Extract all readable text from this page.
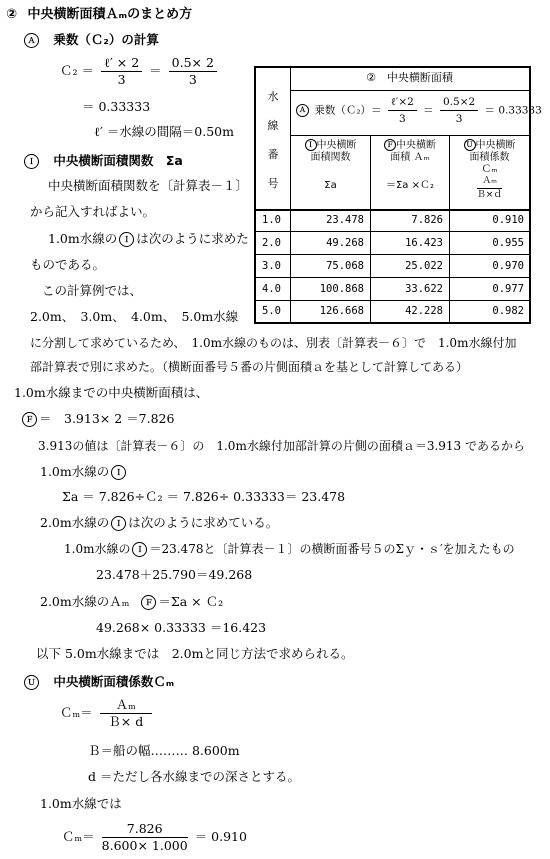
② 中央横断面積Ａₘのまとめ方
Ａ 乗数（Ｃ₂）の計算
Ｃ₂ ＝ $\frac{\text{ℓ′ × 2}}{3} = \frac{0.5\times 2}{3}$
＝ 0.33333
ℓ′ ＝水線の間隔＝0.50m
Ｉ 中央横断面積関数　Σa
中央横断面積関数を〔計算表－１〕
から記入すればよい。
1.0m水線の Ｉ は次のように求めた
ものである。
この計算例では、
2.0m、　3.0m、　4.0m、　5.0m水線
に分割して求めているため、　1.0m水線のものは、別表〔計算表－６〕で　1.0m水線付加
部計算表で別に求めた。（横断面番号５番の片側面積ａを基として計算してある）
1.0m水線までの中央横断面積は、
Ｆ ＝　3.913× 2 ＝7.826
3.913の値は〔計算表－６〕の　1.0m水線付加部計算の片側の面積ａ＝3.913 であるから
1.0m水線の Ｉ
Σa ＝ 7.826÷Ｃ₂ ＝ 7.826÷ 0.33333＝ 23.478
2.0m水線の Ｉ は次のように求めている。
1.0m水線の Ｉ ＝23.478と〔計算表－１〕の横断面番号５のΣｙ・ｓ′を加えたもの
23.478＋25.790＝49.268
2.0m水線のＡₘ Ｆ ＝Σa × Ｃ₂
49.268× 0.33333 ＝16.423
以下 5.0m水線までは　2.0mと同じ方法で求められる。
Ｕ 中央横断面積係数Ｃₘ
Ｃₘ＝ $\frac{\text{Ａₘ}}{\text{Ｂ× d}}$
Ｂ＝船の幅……… 8.600m
d ＝ただし各水線までの深さとする。
1.0m水線では
Ｃₘ＝ $\frac{7.826}{8.600\times 1.000} = 0.910$
水
線
番
号
②　中央横断面積
Ａ 乗数（Ｃ₂）＝ $\frac{\text{ℓ′×2}}{3} = \frac{0.5\times 2}{3} = 0.33333$
Ｉ 中央横断
面積関数
Σa
Ｆ 中央横断
面積 Ａₘ
＝Σa ×Ｃ₂
Ｕ 中央横断
面積係数
Ｃₘ
$\frac{\text{Ａₘ}}{\text{Ｂ×ｄ}}$
1.0	23.478	7.826	0.910
2.0	49.268	16.423	0.955
3.0	75.068	25.022	0.970
4.0	100.868	33.622	0.977
5.0	126.668	42.228	0.982
